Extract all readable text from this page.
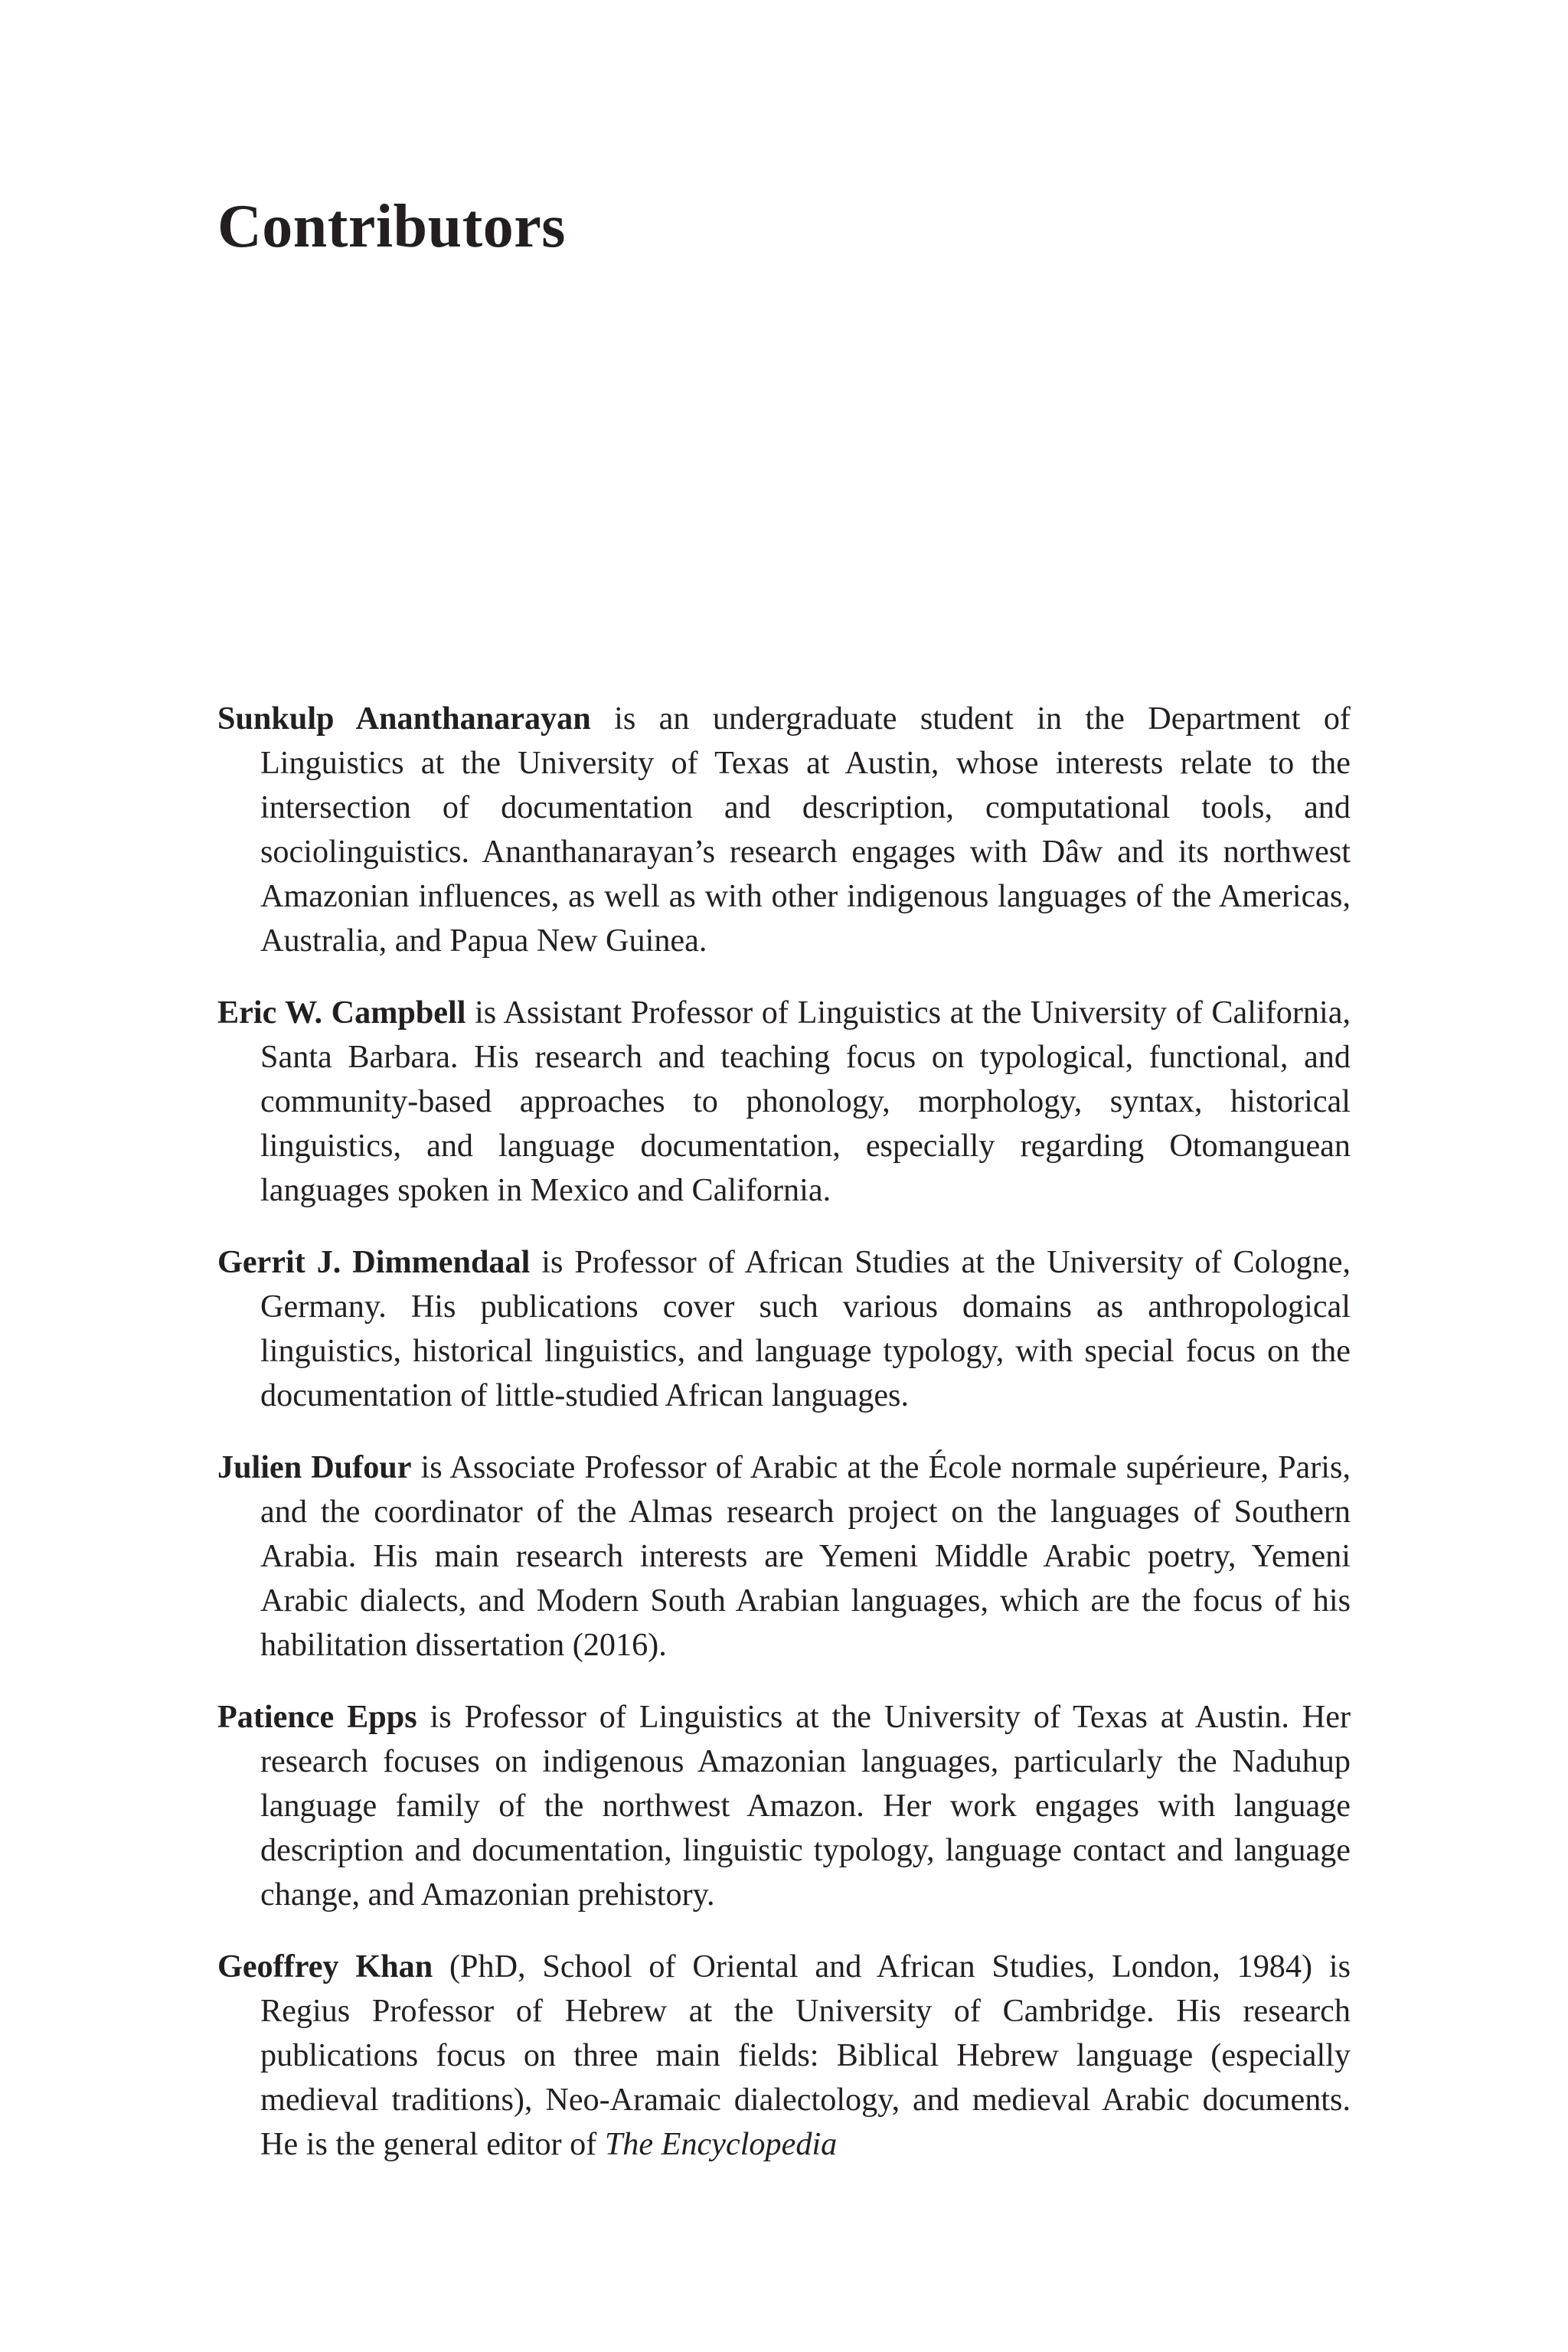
Contributors

Sunkulp Ananthanarayan is an undergraduate student in the Department of Linguistics at the University of Texas at Austin, whose interests relate to the intersection of documentation and description, computational tools, and sociolinguistics. Ananthanarayan’s research engages with Dâw and its northwest Amazonian influences, as well as with other indigenous languages of the Americas, Australia, and Papua New Guinea.

Eric W. Campbell is Assistant Professor of Linguistics at the University of California, Santa Barbara. His research and teaching focus on typological, functional, and community-based approaches to phonology, morphology, syntax, historical linguistics, and language documentation, especially regarding Otomanguean languages spoken in Mexico and California.

Gerrit J. Dimmendaal is Professor of African Studies at the University of Cologne, Germany. His publications cover such various domains as anthropological linguistics, historical linguistics, and language typology, with special focus on the documentation of little-studied African languages.

Julien Dufour is Associate Professor of Arabic at the École normale supérieure, Paris, and the coordinator of the Almas research project on the languages of Southern Arabia. His main research interests are Yemeni Middle Arabic poetry, Yemeni Arabic dialects, and Modern South Arabian languages, which are the focus of his habilitation dissertation (2016).

Patience Epps is Professor of Linguistics at the University of Texas at Austin. Her research focuses on indigenous Amazonian languages, particularly the Naduhup language family of the northwest Amazon. Her work engages with language description and documentation, linguistic typology, language contact and language change, and Amazonian prehistory.

Geoffrey Khan (PhD, School of Oriental and African Studies, London, 1984) is Regius Professor of Hebrew at the University of Cambridge. His research publications focus on three main fields: Biblical Hebrew language (especially medieval traditions), Neo-Aramaic dialectology, and medieval Arabic documents. He is the general editor of The Encyclopedia
